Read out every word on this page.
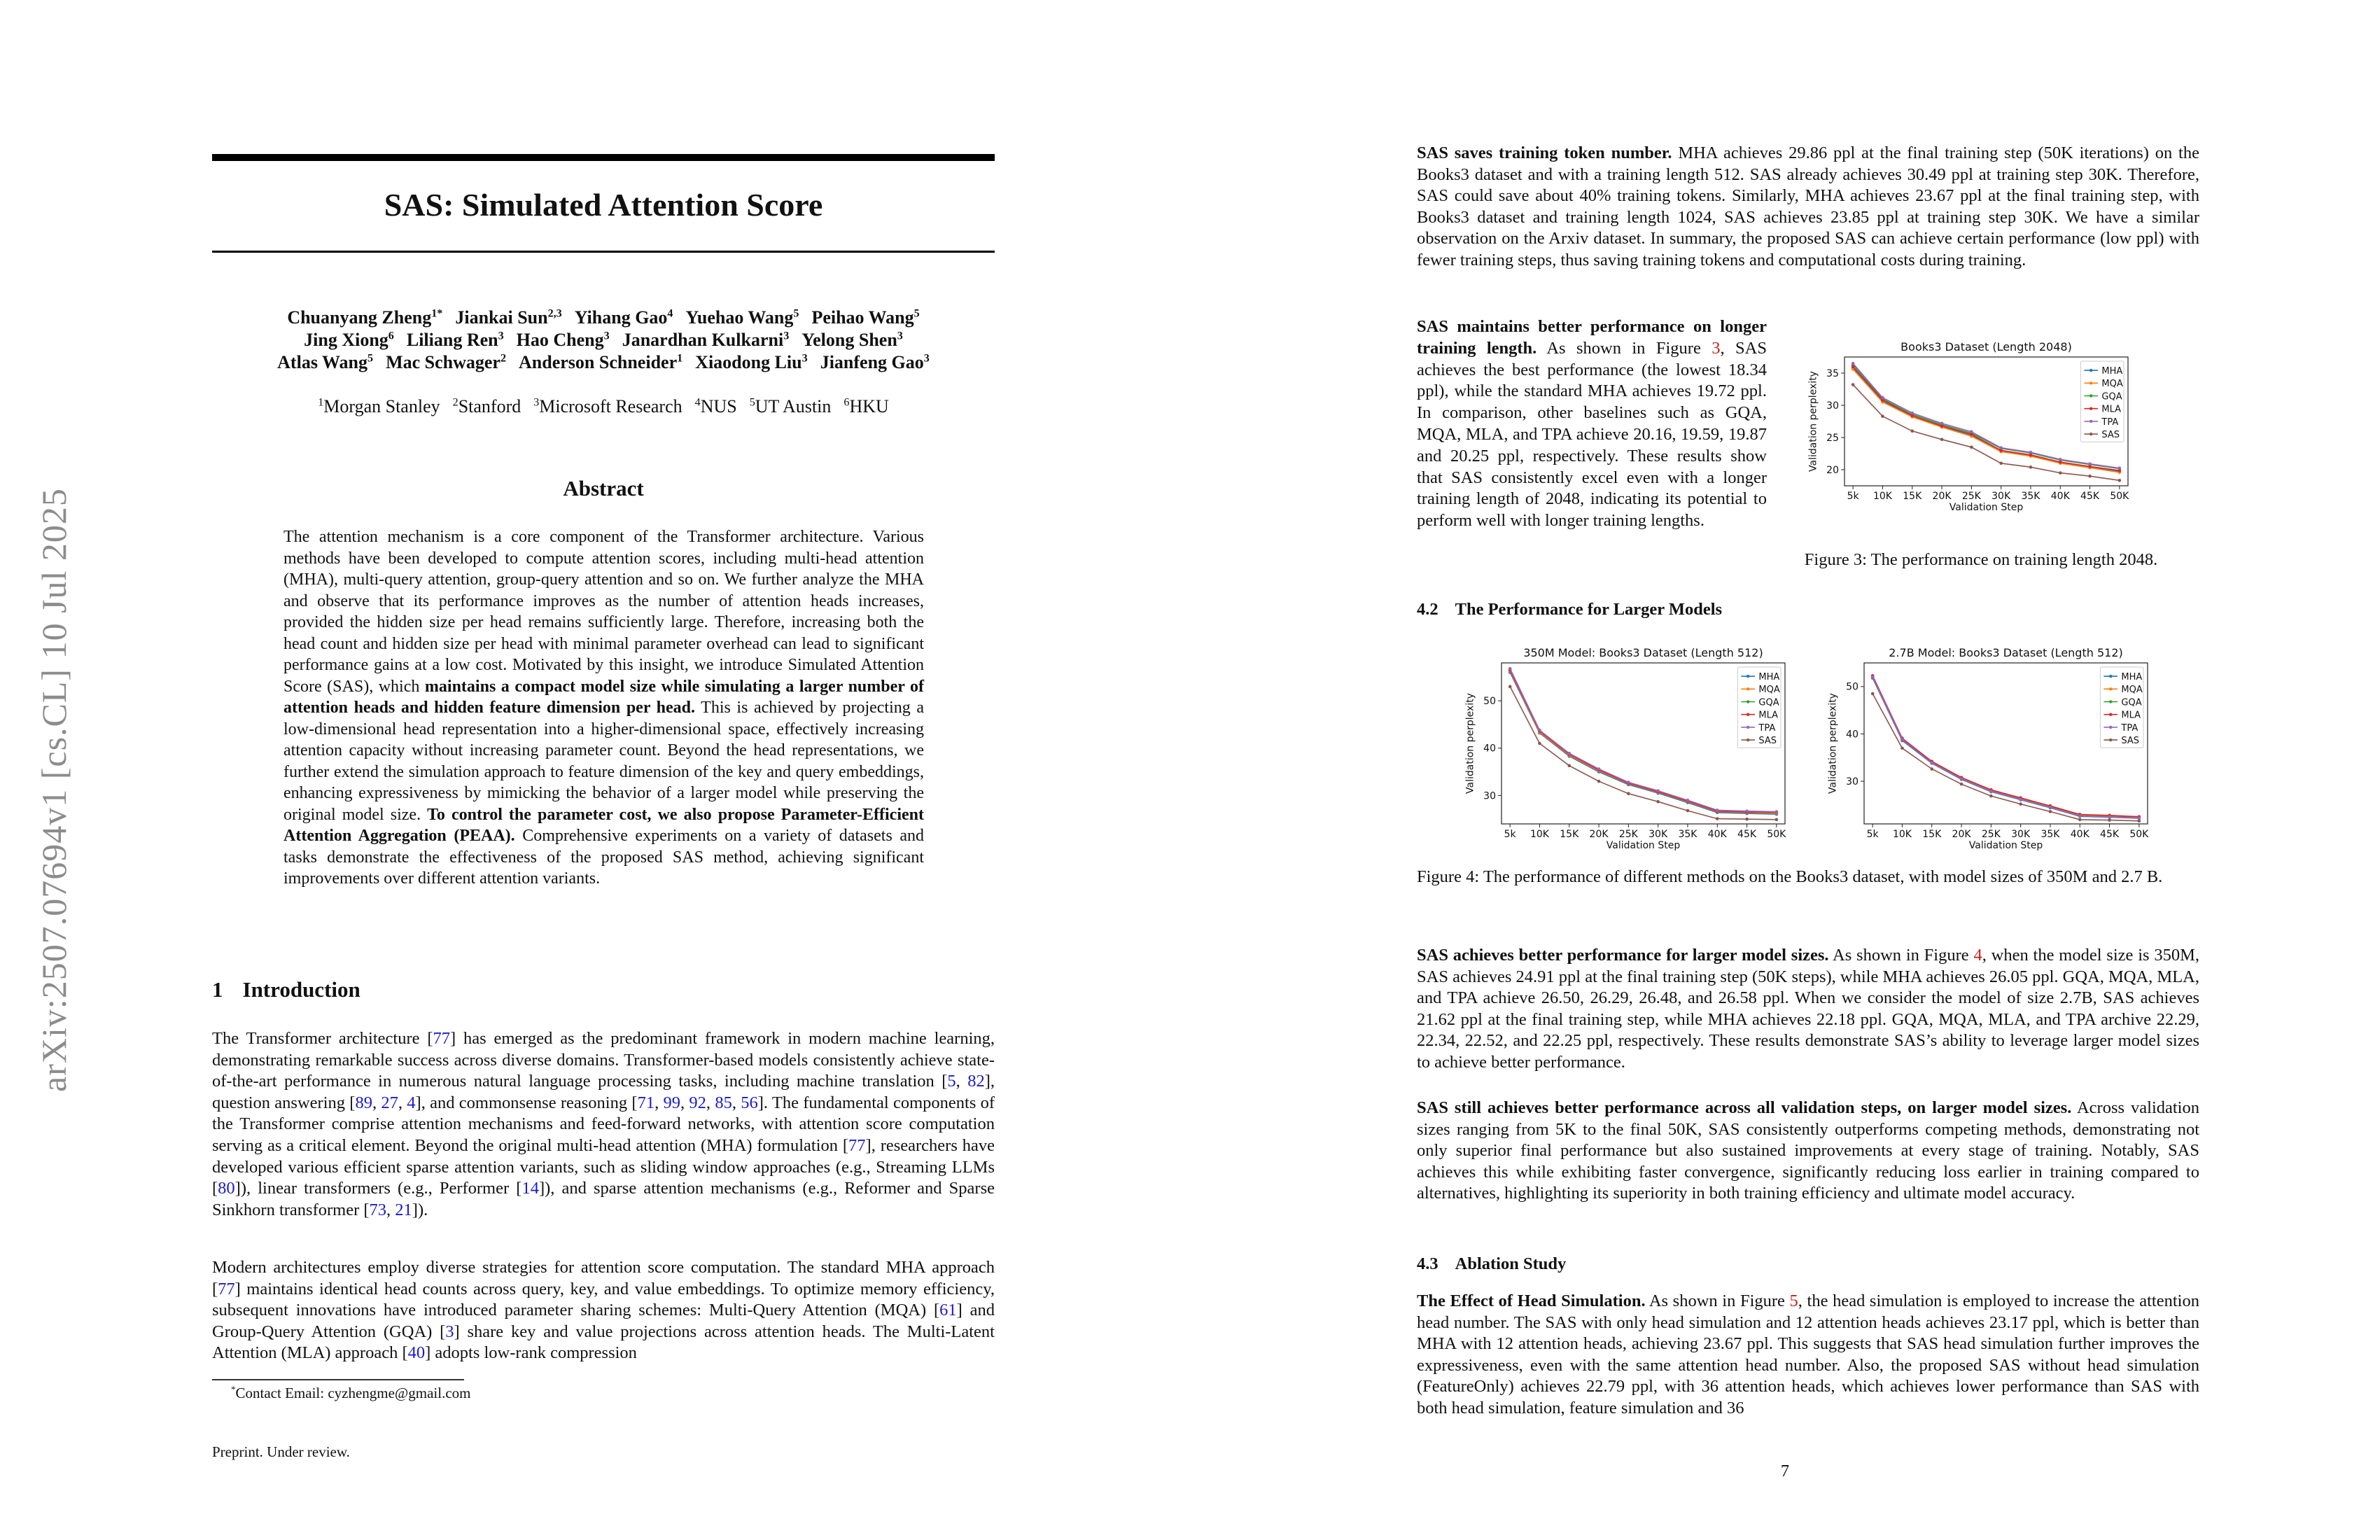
arXiv:2507.07694v1 [cs.CL] 10 Jul 2025
SAS: Simulated Attention Score
Chuanyang Zheng$^{1*}$ Jiankai Sun$^{2,3}$ Yihang Gao$^4$ Yuehao Wang$^5$ Peihao Wang$^5$
Jing Xiong$^6$ Liliang Ren$^3$ Hao Cheng$^3$ Janardhan Kulkarni$^3$ Yelong Shen$^3$
Atlas Wang$^5$ Mac Schwager$^2$ Anderson Schneider$^1$ Xiaodong Liu$^3$ Jianfeng Gao$^3$
$^1$Morgan Stanley $^2$Stanford $^3$Microsoft Research $^4$NUS $^5$UT Austin $^6$HKU
Abstract
The attention mechanism is a core component of the Transformer architecture. Various methods have been developed to compute attention scores, including multi-head attention (MHA), multi-query attention, group-query attention and so on. We further analyze the MHA and observe that its performance improves as the number of attention heads increases, provided the hidden size per head remains sufficiently large. Therefore, increasing both the head count and hidden size per head with minimal parameter overhead can lead to significant performance gains at a low cost. Motivated by this insight, we introduce Simulated Attention Score (SAS), which maintains a compact model size while simulating a larger number of attention heads and hidden feature dimension per head. This is achieved by projecting a low-dimensional head representation into a higher-dimensional space, effectively increasing attention capacity without increasing parameter count. Beyond the head representations, we further extend the simulation approach to feature dimension of the key and query embeddings, enhancing expressiveness by mimicking the behavior of a larger model while preserving the original model size. To control the parameter cost, we also propose Parameter-Efficient Attention Aggregation (PEAA). Comprehensive experiments on a variety of datasets and tasks demonstrate the effectiveness of the proposed SAS method, achieving significant improvements over different attention variants.
1 Introduction
The Transformer architecture [77] has emerged as the predominant framework in modern machine learning, demonstrating remarkable success across diverse domains. Transformer-based models consistently achieve state-of-the-art performance in numerous natural language processing tasks, including machine translation [5, 82], question answering [89, 27, 4], and commonsense reasoning [71, 99, 92, 85, 56]. The fundamental components of the Transformer comprise attention mechanisms and feed-forward networks, with attention score computation serving as a critical element. Beyond the original multi-head attention (MHA) formulation [77], researchers have developed various efficient sparse attention variants, such as sliding window approaches (e.g., Streaming LLMs [80]), linear transformers (e.g., Performer [14]), and sparse attention mechanisms (e.g., Reformer and Sparse Sinkhorn transformer [73, 21]).
Modern architectures employ diverse strategies for attention score computation. The standard MHA approach [77] maintains identical head counts across query, key, and value embeddings. To optimize memory efficiency, subsequent innovations have introduced parameter sharing schemes: Multi-Query Attention (MQA) [61] and Group-Query Attention (GQA) [3] share key and value projections across attention heads. The Multi-Latent Attention (MLA) approach [40] adopts low-rank compression
*Contact Email: cyzhengme@gmail.com
Preprint. Under review.
SAS saves training token number. MHA achieves 29.86 ppl at the final training step (50K iterations) on the Books3 dataset and with a training length 512. SAS already achieves 30.49 ppl at training step 30K. Therefore, SAS could save about 40% training tokens. Similarly, MHA achieves 23.67 ppl at the final training step, with Books3 dataset and training length 1024, SAS achieves 23.85 ppl at training step 30K. We have a similar observation on the Arxiv dataset. In summary, the proposed SAS can achieve certain performance (low ppl) with fewer training steps, thus saving training tokens and computational costs during training.
SAS maintains better performance on longer training length. As shown in Figure 3, SAS achieves the best performance (the lowest 18.34 ppl), while the standard MHA achieves 19.72 ppl. In comparison, other baselines such as GQA, MQA, MLA, and TPA achieve 20.16, 19.59, 19.87 and 20.25 ppl, respectively. These results show that SAS consistently excel even with a longer training length of 2048, indicating its potential to perform well with longer training lengths.
Books3 Dataset (Length 2048)
5k 10K 15K 20K 25K 30K 35K 40K 45K 50K
20
25
30
35
Validation Step
Validation perplexity	MHA
MQA
GQA
MLA
TPA
SAS
Figure 3: The performance on training length 2048.
4.2 The Performance for Larger Models
350M Model: Books3 Dataset (Length 512)
5k 10K 15K 20K 25K 30K 35K 40K 45K 50K
30
40
50
Validation Step
Validation perplexity
MHA
MQA
GQA
MLA
TPA
SAS
2.7B Model: Books3 Dataset (Length 512)
5k 10K 15K 20K 25K 30K 35K 40K 45K 50K
30
40
50
Validation Step
Validation perplexity
MHA
MQA
GQA
MLA
TPA
SAS
Figure 4: The performance of different methods on the Books3 dataset, with model sizes of 350M and 2.7 B.
SAS achieves better performance for larger model sizes. As shown in Figure 4, when the model size is 350M, SAS achieves 24.91 ppl at the final training step (50K steps), while MHA achieves 26.05 ppl. GQA, MQA, MLA, and TPA achieve 26.50, 26.29, 26.48, and 26.58 ppl. When we consider the model of size 2.7B, SAS achieves 21.62 ppl at the final training step, while MHA achieves 22.18 ppl. GQA, MQA, MLA, and TPA archive 22.29, 22.34, 22.52, and 22.25 ppl, respectively. These results demonstrate SAS’s ability to leverage larger model sizes to achieve better performance.
SAS still achieves better performance across all validation steps, on larger model sizes. Across validation sizes ranging from 5K to the final 50K, SAS consistently outperforms competing methods, demonstrating not only superior final performance but also sustained improvements at every stage of training. Notably, SAS achieves this while exhibiting faster convergence, significantly reducing loss earlier in training compared to alternatives, highlighting its superiority in both training efficiency and ultimate model accuracy.
4.3 Ablation Study
The Effect of Head Simulation. As shown in Figure 5, the head simulation is employed to increase the attention head number. The SAS with only head simulation and 12 attention heads achieves 23.17 ppl, which is better than MHA with 12 attention heads, achieving 23.67 ppl. This suggests that SAS head simulation further improves the expressiveness, even with the same attention head number. Also, the proposed SAS without head simulation (FeatureOnly) achieves 22.79 ppl, with 36 attention heads, which achieves lower performance than SAS with both head simulation, feature simulation and 36
7
